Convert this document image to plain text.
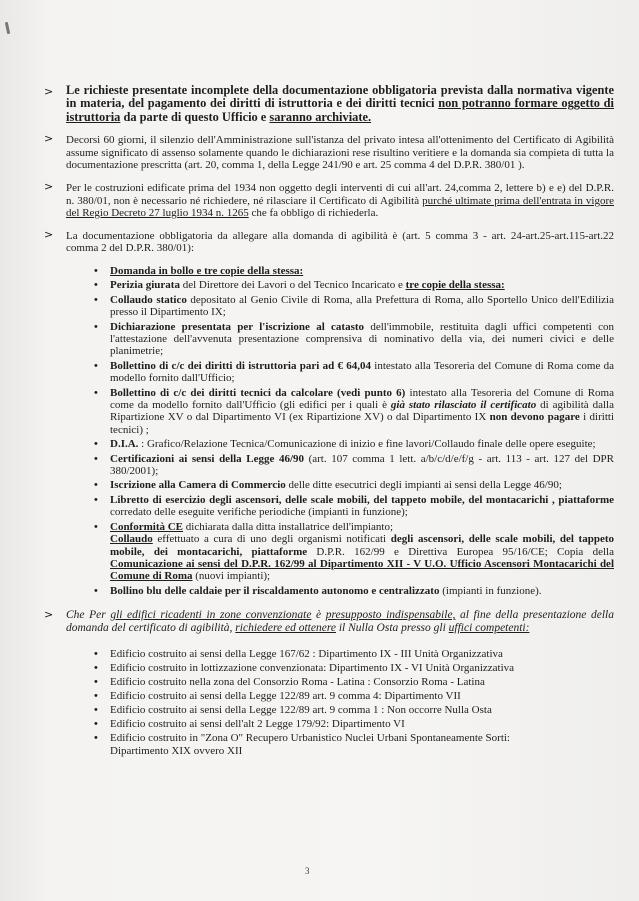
> Le richieste presentate incomplete della documentazione obbligatoria prevista dalla normativa vigente in materia, del pagamento dei diritti di istruttoria e dei diritti tecnici non potranno formare oggetto di istruttoria da parte di questo Ufficio e saranno archiviate.

> Decorsi 60 giorni, il silenzio dell'Amministrazione sull'istanza del privato intesa all'ottenimento del Certificato di Agibilità assume significato di assenso solamente quando le dichiarazioni rese risultino veritiere e la domanda sia compieta di tutta la documentazione prescritta (art. 20, comma 1, della Legge 241/90 e art. 25 comma 4 del D.P.R. 380/01 ).

> Per le costruzioni edificate prima del 1934 non oggetto degli interventi di cui all'art. 24,comma 2, lettere b) e e) del D.P.R. n. 380/01, non è necessario né richiedere, né rilasciare il Certificato di Agibilità purché ultimate prima dell'entrata in vigore del Regio Decreto 27 luglio 1934 n. 1265 che fa obbligo di richiederla.

> La documentazione obbligatoria da allegare alla domanda di agibilità è (art. 5 comma 3 - art. 24-art.25-art.115-art.22 comma 2 del D.P.R. 380/01):

• Domanda in bollo e tre copie della stessa:
• Perizia giurata del Direttore dei Lavori o del Tecnico Incaricato e tre copie della stessa:
• Collaudo statico depositato al Genio Civile di Roma, alla Prefettura di Roma, allo Sportello Unico dell'Edilizia presso il Dipartimento IX;
• Dichiarazione presentata per l'iscrizione al catasto dell'immobile, restituita dagli uffici competenti con l'attestazione dell'avvenuta presentazione comprensiva di nominativo della via, dei numeri civici e delle planimetrie;
• Bollettino di c/c dei diritti di istruttoria pari ad € 64,04 intestato alla Tesoreria del Comune di Roma come da modello fornito dall'Ufficio;
• Bollettino di c/c dei diritti tecnici da calcolare (vedi punto 6) intestato alla Tesoreria del Comune di Roma come da modello fornito dall'Ufficio (gli edifici per i quali è già stato rilasciato il certificato di agibilità dalla Ripartizione XV o dal Dipartimento VI (ex Ripartizione XV) o dal Dipartimento IX non devono pagare i diritti tecnici) ;
• D.I.A. : Grafico/Relazione Tecnica/Comunicazione di inizio e fine lavori/Collaudo finale delle opere eseguite;
• Certificazioni ai sensi della Legge 46/90 (art. 107 comma 1 lett. a/b/c/d/e/f/g - art. 113 - art. 127 del DPR 380/2001);
• Iscrizione alla Camera di Commercio delle ditte esecutrici degli impianti ai sensi della Legge 46/90;
• Libretto di esercizio degli ascensori, delle scale mobili, del tappeto mobile, del montacarichi , piattaforme corredato delle eseguite verifiche periodiche (impianti in funzione);
• Conformità CE dichiarata dalla ditta installatrice dell'impianto;
Collaudo effettuato a cura di uno degli organismi notificati degli ascensori, delle scale mobili, del tappeto mobile, dei montacarichi, piattaforme D.P.R. 162/99 e Direttiva Europea 95/16/CE; Copia della Comunicazione ai sensi del D.P.R. 162/99 al Dipartimento XII - V U.O. Ufficio Ascensori Montacarichi del Comune di Roma (nuovi impianti);
• Bollino blu delle caldaie per il riscaldamento autonomo e centralizzato (impianti in funzione).

> Che Per gli edifici ricadenti in zone convenzionate è presupposto indispensabile, al fine della presentazione della domanda del certificato di agibilità, richiedere ed ottenere il Nulla Osta presso gli uffici competenti:

• Edificio costruito ai sensi della Legge 167/62 : Dipartimento IX - III Unità Organizzativa
• Edificio costruito in lottizzazione convenzionata: Dipartimento IX - VI Unità Organizzativa
• Edificio costruito nella zona del Consorzio Roma - Latina : Consorzio Roma - Latina
• Edificio costruito ai sensi della Legge 122/89 art. 9 comma 4: Dipartimento VII
• Edificio costruito ai sensi della Legge 122/89 art. 9 comma 1 : Non occorre Nulla Osta
• Edificio costruito ai sensi dell'alt 2 Legge 179/92: Dipartimento VI
• Edificio costruito in "Zona O" Recupero Urbanistico Nuclei Urbani Spontaneamente Sorti:
Dipartimento XIX ovvero XII
3
